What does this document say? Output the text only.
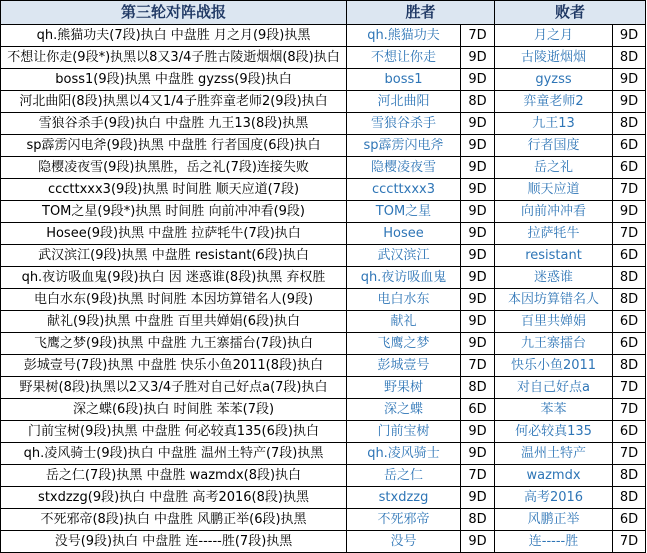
第三轮对阵战报	胜者		败者	
qh.熊猫功夫(7段)执白 中盘胜 月之月(9段)执黑	qh.熊猫功夫	7D	月之月	9D
不想让你走(9段*)执黑以8又3/4子胜古陵逝烟烟(8段)执白	不想让你走	9D	古陵逝烟烟	8D
boss1(9段)执黑 中盘胜 gyzss(9段)执白	boss1	9D	gyzss	9D
河北曲阳(8段)执黑以4又1/4子胜弈童老师2(9段)执白	河北曲阳	8D	弈童老师2	9D
雪狼谷杀手(9段)执白 中盘胜 九王13(8段)执黑	雪狼谷杀手	9D	九王13	8D
sp霹雳闪电斧(9段)执黑 中盘胜 行者国度(6段)执白	sp霹雳闪电斧	9D	行者国度	6D
隐樱凌夜雪(9段)执黑胜，岳之礼(7段)连接失败	隐樱凌夜雪	9D	岳之礼	6D
cccttxxx3(9段)执黑 时间胜 顺天应道(7段)	cccttxxx3	9D	顺天应道	7D
TOM之星(9段*)执黑 时间胜 向前冲冲看(9段)	TOM之星	9D	向前冲冲看	9D
Hosee(9段)执黑 中盘胜 拉萨牦牛(7段)执白	Hosee	9D	拉萨牦牛	7D
武汉滨江(9段)执黑 中盘胜 resistant(6段)执白	武汉滨江	9D	resistant	6D
qh.夜访吸血鬼(9段)执白 因 迷惑谁(8段)执黑 弃权胜	qh.夜访吸血鬼	9D	迷惑谁	8D
电白水东(9段)执黑 时间胜 本因坊算错名人(9段)	电白水东	9D	本因坊算错名人	8D
献礼(9段)执黑 中盘胜 百里共婵娟(6段)执白	献礼	9D	百里共婵娟	6D
飞鹰之梦(9段)执黑 中盘胜 九王寨擂台(7段)执白	飞鹰之梦	9D	九王寨擂台	6D
彭城壹号(7段)执黑 中盘胜 快乐小鱼2011(8段)执白	彭城壹号	7D	快乐小鱼2011	8D
野果树(8段)执黑以2又3/4子胜对自己好点a(7段)执白	野果树	8D	对自己好点a	7D
深之蝶(6段)执白 时间胜 苯苯(7段)	深之蝶	6D	苯苯	7D
门前宝树(9段)执黑 中盘胜 何必较真135(6段)执白	门前宝树	9D	何必较真135	6D
qh.凌风骑士(9段)执白 中盘胜 温州土特产(7段)执黑	qh.凌风骑士	9D	温州土特产	7D
岳之仁(7段)执黑 中盘胜 wazmdx(8段)执白	岳之仁	7D	wazmdx	8D
stxdzzg(9段)执白 中盘胜 高考2016(8段)执黑	stxdzzg	9D	高考2016	8D
不死邪帝(8段)执白 中盘胜 风鹏正举(6段)执黑	不死邪帝	8D	风鹏正举	6D
没号(9段)执白 中盘胜 连-----胜(7段)执黑	没号	9D	连-----胜	7D
